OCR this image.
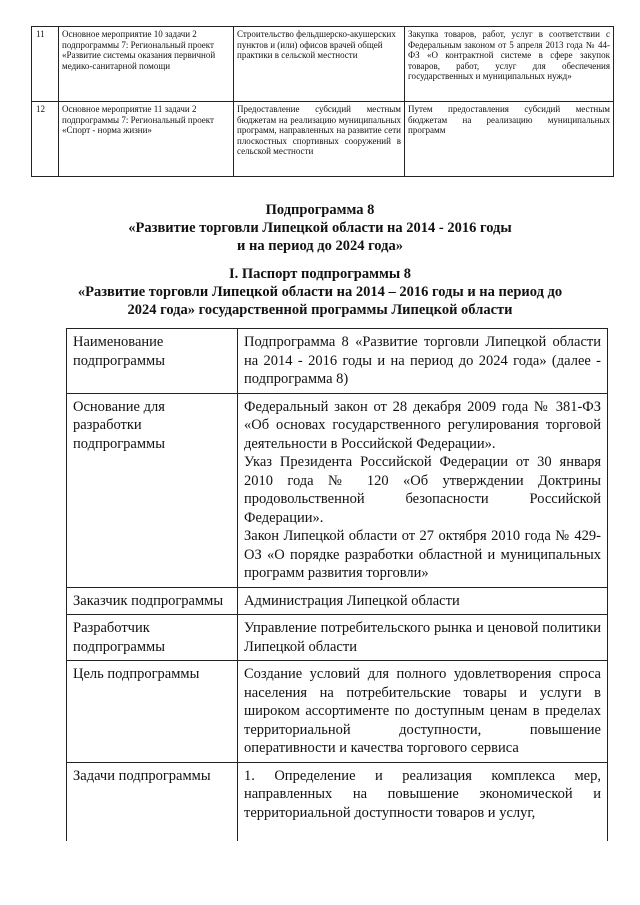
11	Основное мероприятие 10 задачи 2 подпрограммы 7: Региональный проект «Развитие системы оказания первичной медико-санитарной помощи	Строительство фельдшерско-акушерских пунктов и (или) офисов врачей общей практики в сельской местности	Закупка товаров, работ, услуг в соответствии с Федеральным законом от 5 апреля 2013 года № 44-ФЗ «О контрактной системе в сфере закупок товаров, работ, услуг для обеспечения государственных и муниципальных нужд»
12	Основное мероприятие 11 задачи 2 подпрограммы 7: Региональный проект «Спорт - норма жизни»	Предоставление субсидий местным бюджетам на реализацию муниципальных программ, направленных на развитие сети плоскостных спортивных сооружений в сельской местности	Путем предоставления субсидий местным бюджетам на реализацию муниципальных программ
Подпрограмма 8
«Развитие торговли Липецкой области на 2014 - 2016 годы
и на период до 2024 года»
I. Паспорт подпрограммы 8
«Развитие торговли Липецкой области на 2014 – 2016 годы и на период до
2024 года» государственной программы Липецкой области
Наименование подпрограммы	Подпрограмма 8 «Развитие торговли Липецкой области на 2014 - 2016 годы и на период до 2024 года» (далее - подпрограмма 8)

Основание для разработки подпрограммы	Федеральный закон от 28 декабря 2009 года № 381-ФЗ «Об основах государственного регулирования торговой деятельности в Российской Федерации».
Указ Президента Российской Федерации от 30 января 2010 года № 120 «Об утверждении Доктрины продовольственной безопасности Российской Федерации».
Закон Липецкой области от 27 октября 2010 года № 429-ОЗ «О порядке разработки областной и муниципальных программ развития торговли»

Заказчик подпрограммы	Администрация Липецкой области

Разработчик подпрограммы	Управление потребительского рынка и ценовой политики Липецкой области

Цель подпрограммы	Создание условий для полного удовлетворения спроса населения на потребительские товары и услуги в широком ассортименте по доступным ценам в пределах территориальной доступности, повышение оперативности и качества торгового сервиса

Задачи подпрограммы	1. Определение и реализация комплекса мер, направленных на повышение экономической и территориальной доступности товаров и услуг,
